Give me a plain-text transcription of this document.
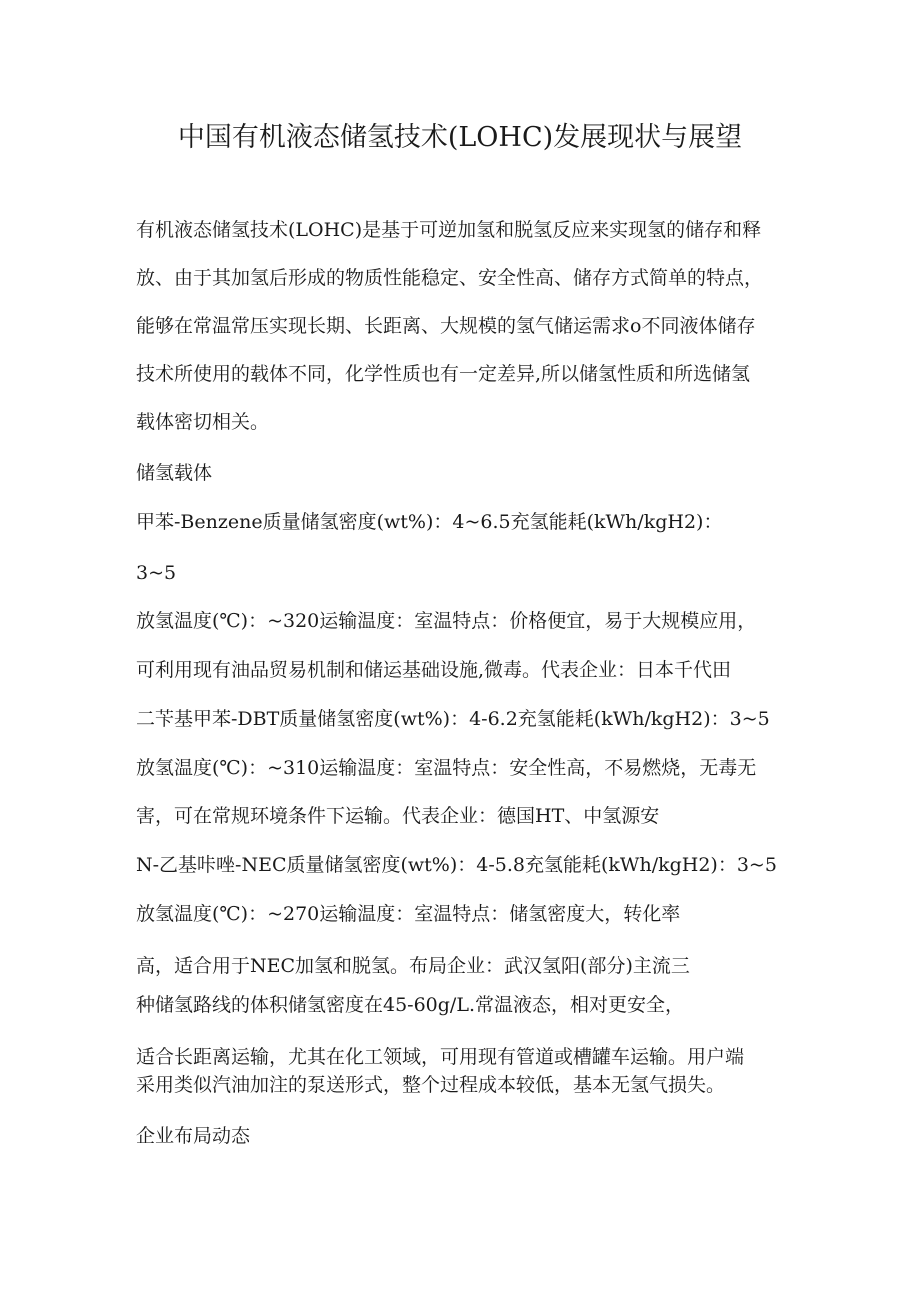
中国有机液态储氢技术(LOHC)发展现状与展望
有机液态储氢技术(LOHC)是基于可逆加氢和脱氢反应来实现氢的储存和释
放、由于其加氢后形成的物质性能稳定、安全性高、储存方式简单的特点，
能够在常温常压实现长期、长距离、大规模的氢气储运需求o不同液体储存
技术所使用的载体不同，化学性质也有一定差异,所以储氢性质和所选储氢
载体密切相关。
储氢载体
甲苯-Benzene质量储氢密度(wt%)：4~6.5充氢能耗(kWh/kgH2)：
3~5
放氢温度(℃)：~320运输温度：室温特点：价格便宜，易于大规模应用，
可利用现有油品贸易机制和储运基础设施,微毒。代表企业：日本千代田
二苄基甲苯-DBT质量储氢密度(wt%)：4-6.2充氢能耗(kWh/kgH2)：3~5
放氢温度(℃)：~310运输温度：室温特点：安全性高，不易燃烧，无毒无
害，可在常规环境条件下运输。代表企业：德国HT、中氢源安
N-乙基咔唑-NEC质量储氢密度(wt%)：4-5.8充氢能耗(kWh/kgH2)：3~5
放氢温度(℃)：~270运输温度：室温特点：储氢密度大，转化率
高，适合用于NEC加氢和脱氢。布局企业：武汉氢阳(部分)主流三
种储氢路线的体积储氢密度在45-60g/L.常温液态，相对更安全，
适合长距离运输，尤其在化工领域，可用现有管道或槽罐车运输。用户端
采用类似汽油加注的泵送形式，整个过程成本较低，基本无氢气损失。
企业布局动态
